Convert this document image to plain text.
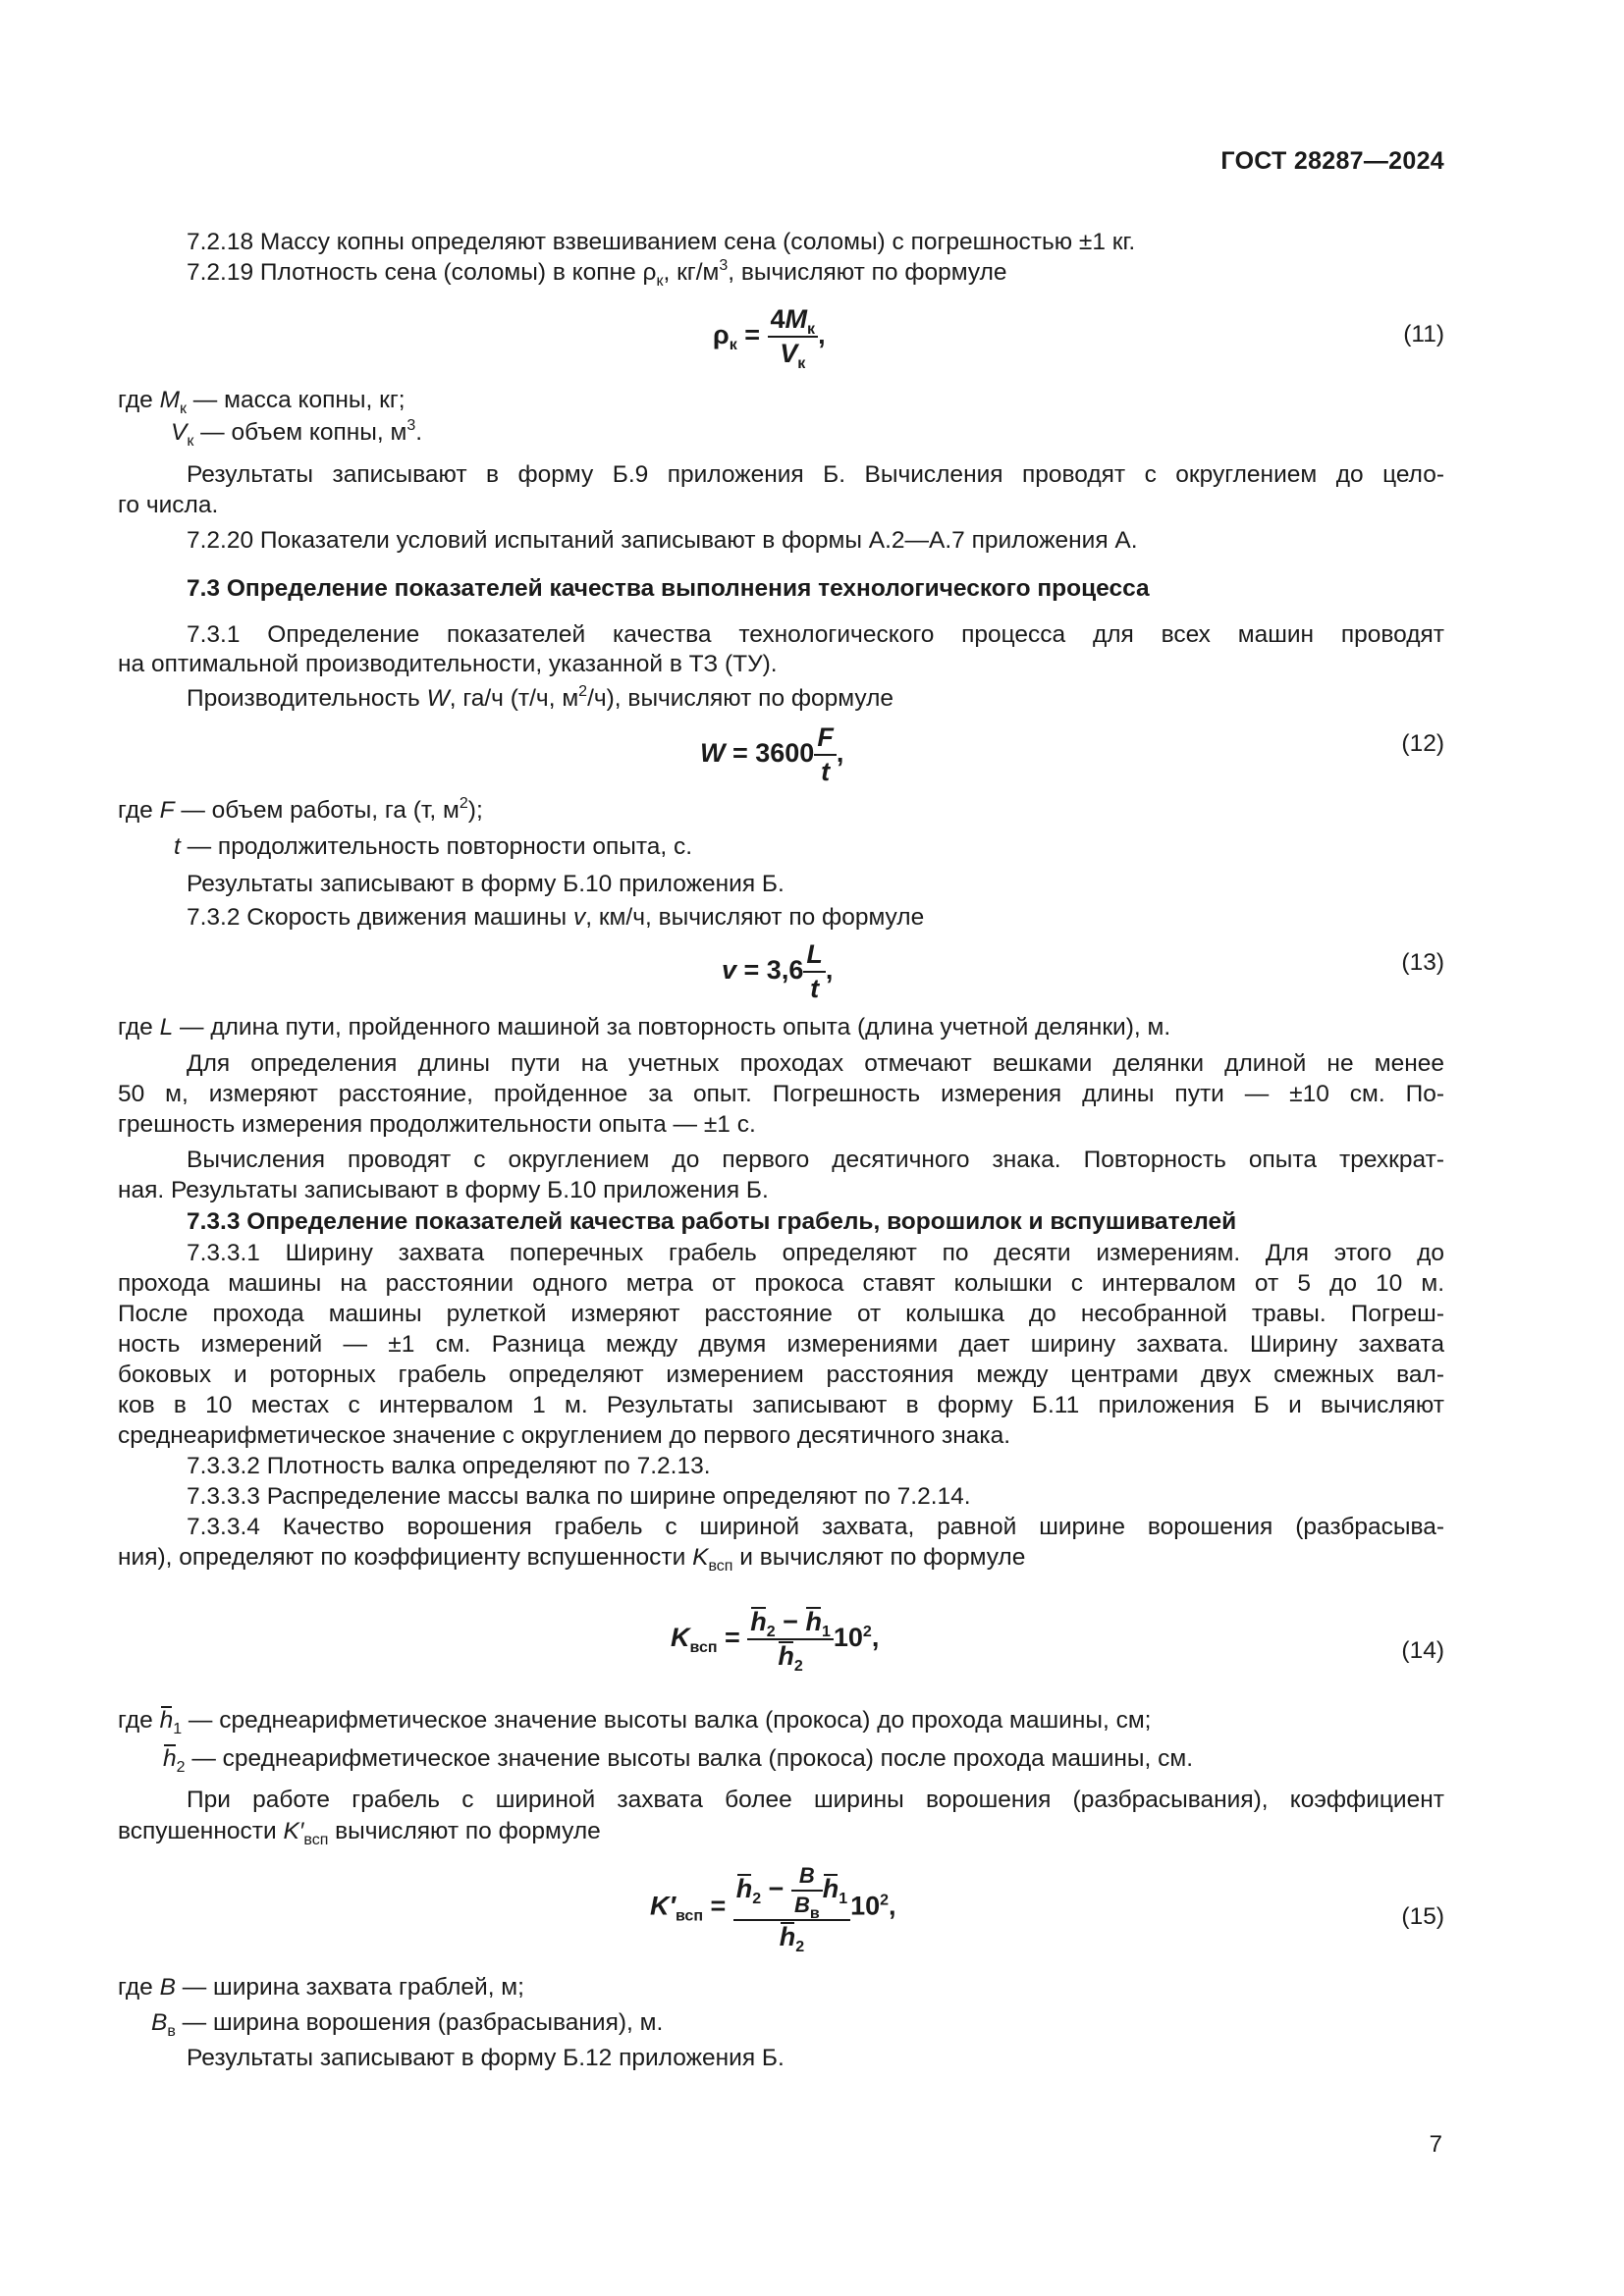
ГОСТ 28287—2024
7.2.18 Массу копны определяют взвешиванием сена (соломы) с погрешностью ±1 кг.
7.2.19 Плотность сена (соломы) в копне $\rho_к$, $кг/м^3$, вычисляют по формуле
$\rho_к$ =
$4M_к$
$V_к$
,	(11)
где $M_к$ — масса копны, кг;
$V_к$ — объем копны, $м^3$.
Результаты записывают в форму Б.9 приложения Б. Вычисления проводят с округлением до цело-
го числа.
7.2.20 Показатели условий испытаний записывают в формы А.2—А.7 приложения А.
7.3 Определение показателей качества выполнения технологического процесса
7.3.1 Определение показателей качества технологического процесса для всех машин проводят
на оптимальной производительности, указанной в ТЗ (ТУ).
Производительность W, га/ч (т/ч, $м^2/ч$), вычисляют по формуле
$W = 3600 \frac{F}{t}$ ,	(12)
где F — объем работы, га (т, $м^2$);
t — продолжительность повторности опыта, с.
Результаты записывают в форму Б.10 приложения Б.
7.3.2 Скорость движения машины v, км/ч, вычисляют по формуле
$v = 3,6 \frac{L}{t}$ ,	(13)
где L — длина пути, пройденного машиной за повторность опыта (длина учетной делянки), м.
Для определения длины пути на учетных проходах отмечают вешками делянки длиной не менее
50 м, измеряют расстояние, пройденное за опыт. Погрешность измерения длины пути — ±10 см. По-
грешность измерения продолжительности опыта — ±1 с.
Вычисления проводят с округлением до первого десятичного знака. Повторность опыта трехкрат-
ная. Результаты записывают в форму Б.10 приложения Б.
7.3.3 Определение показателей качества работы грабель, ворошилок и вспушивателей
7.3.3.1 Ширину захвата поперечных грабель определяют по десяти измерениям. Для этого до
прохода машины на расстоянии одного метра от прокоса ставят колышки с интервалом от 5 до 10 м.
После прохода машины рулеткой измеряют расстояние от колышка до несобранной травы. Погреш-
ность измерений — ±1 см. Разница между двумя измерениями дает ширину захвата. Ширину захвата
боковых и роторных грабель определяют измерением расстояния между центрами двух смежных вал-
ков в 10 местах с интервалом 1 м. Результаты записывают в форму Б.11 приложения Б и вычисляют
среднеарифметическое значение с округлением до первого десятичного знака.
7.3.3.2 Плотность валка определяют по 7.2.13.
7.3.3.3 Распределение массы валка по ширине определяют по 7.2.14.
7.3.3.4 Качество ворошения грабель с шириной захвата, равной ширине ворошения (разбрасыва-
ния), определяют по коэффициенту вспушенности $K_{всп}$ и вычисляют по формуле
$K_{всп} = \frac{h_2 - h_1}{h_2} 10^2$,	(14)
где $h_1$ — среднеарифметическое значение высоты валка (прокоса) до прохода машины, см;
$h_2$ — среднеарифметическое значение высоты валка (прокоса) после прохода машины, см.
При работе грабель с шириной захвата более ширины ворошения (разбрасывания), коэффициент
вспушенности $K'_{всп}$ вычисляют по формуле
$K'_{всп}$ =
$h_2 - B$
$B_в$
$h_1$
$h_2$
$10^2$,	(15)
где B — ширина захвата граблей, м;
$B_в$ — ширина ворошения (разбрасывания), м.
Результаты записывают в форму Б.12 приложения Б.
7
